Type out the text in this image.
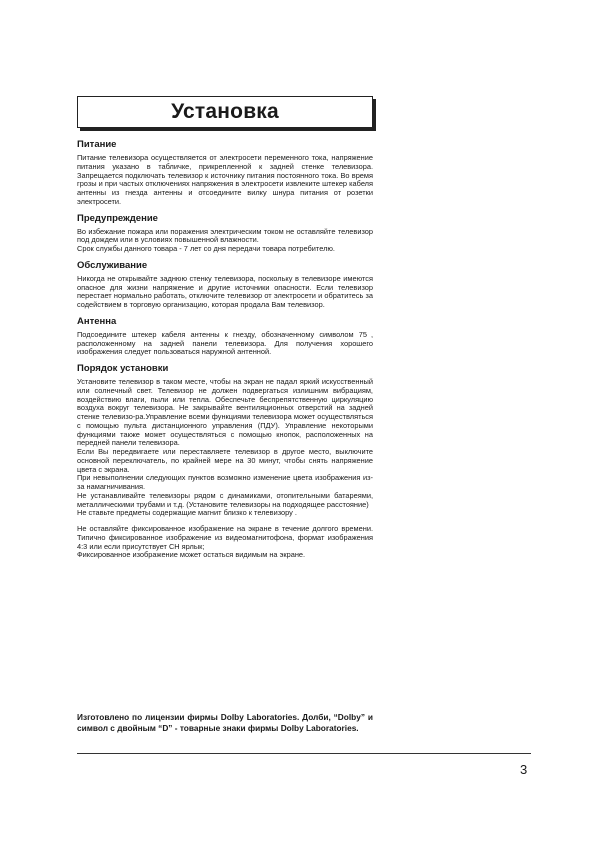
Установка
Питание

Питание телевизора осуществляется от электросети переменного тока, напряжение питания указано в табличке, прикрепленной к задней стенке телевизора. Запрещается подключать телевизор к источнику питания постоянного тока. Во время грозы и при частых отключениях напряжения в электросети извлеките штекер кабеля антенны из гнезда антенны и отсоедините вилку шнура питания от розетки электросети.

Предупреждение

Во избежание пожара или поражения электрическим током не оставляйте телевизор под дождем или в условиях повышенной влажности.

Срок службы данного товара - 7 лет со дня передачи товара потребителю.

Обслуживание

Никогда не открывайте заднюю стенку телевизора, поскольку в телевизоре имеются опасное для жизни напряжение и другие источники опасности. Если телевизор перестает нормально работать, отключите телевизор от электросети и обратитесь за содействием в торговую организацию, которая продала Вам телевизор.

Антенна

Подсоедините штекер кабеля антенны к гнезду, обозначенному символом 75 , расположенному на задней панели телевизора. Для получения хорошего изображения следует пользоваться наружной антенной.

Порядок установки

Установите телевизор в таком месте, чтобы на экран не падал яркий искусственный или солнечный свет. Телевизор не должен подвергаться излишним вибрациям, воздействию влаги, пыли или тепла. Обеспечьте беспрепятственную циркуляцию воздуха вокруг телевизора. Не закрывайте вентиляционных отверстий на задней стенке телевизо-ра.Управление всеми функциями телевизора может осуществляться с помощью пульта дистанционного управления (ПДУ). Управление некоторыми функциями также может осуществляться с помощью кнопок, расположенных на передней панели телевизора.

Если Вы передвигаете или переставляете телевизор в другое место, выключите основной переключатель, по крайней мере на 30 минут, чтобы снять напряжение цвета с экрана.

При невыполнении следующих пунктов возможно изменение цвета изображения из-за намагничивания.

Не устанавливайте телевизоры рядом с динамиками, отопительными батареями, металлическими трубами и т.д. (Установите телевизоры на подходящее расстояние)

Не ставьте предметы содержащие магнит близко к телевизору .

Не оставляйте фиксированное изображение на экране в течение долгого времени. Типично фиксированное изображение из видеомагнитофона, формат изображения 4:3 или если присутствует СН ярлык;

Фиксированное изображение может остаться видимым на экране.

Изготовлено по лицензии фирмы Dolby Laboratories. Долби, “Dolby” и символ с двойным “D” - товарные знаки фирмы Dolby Laboratories.
3
